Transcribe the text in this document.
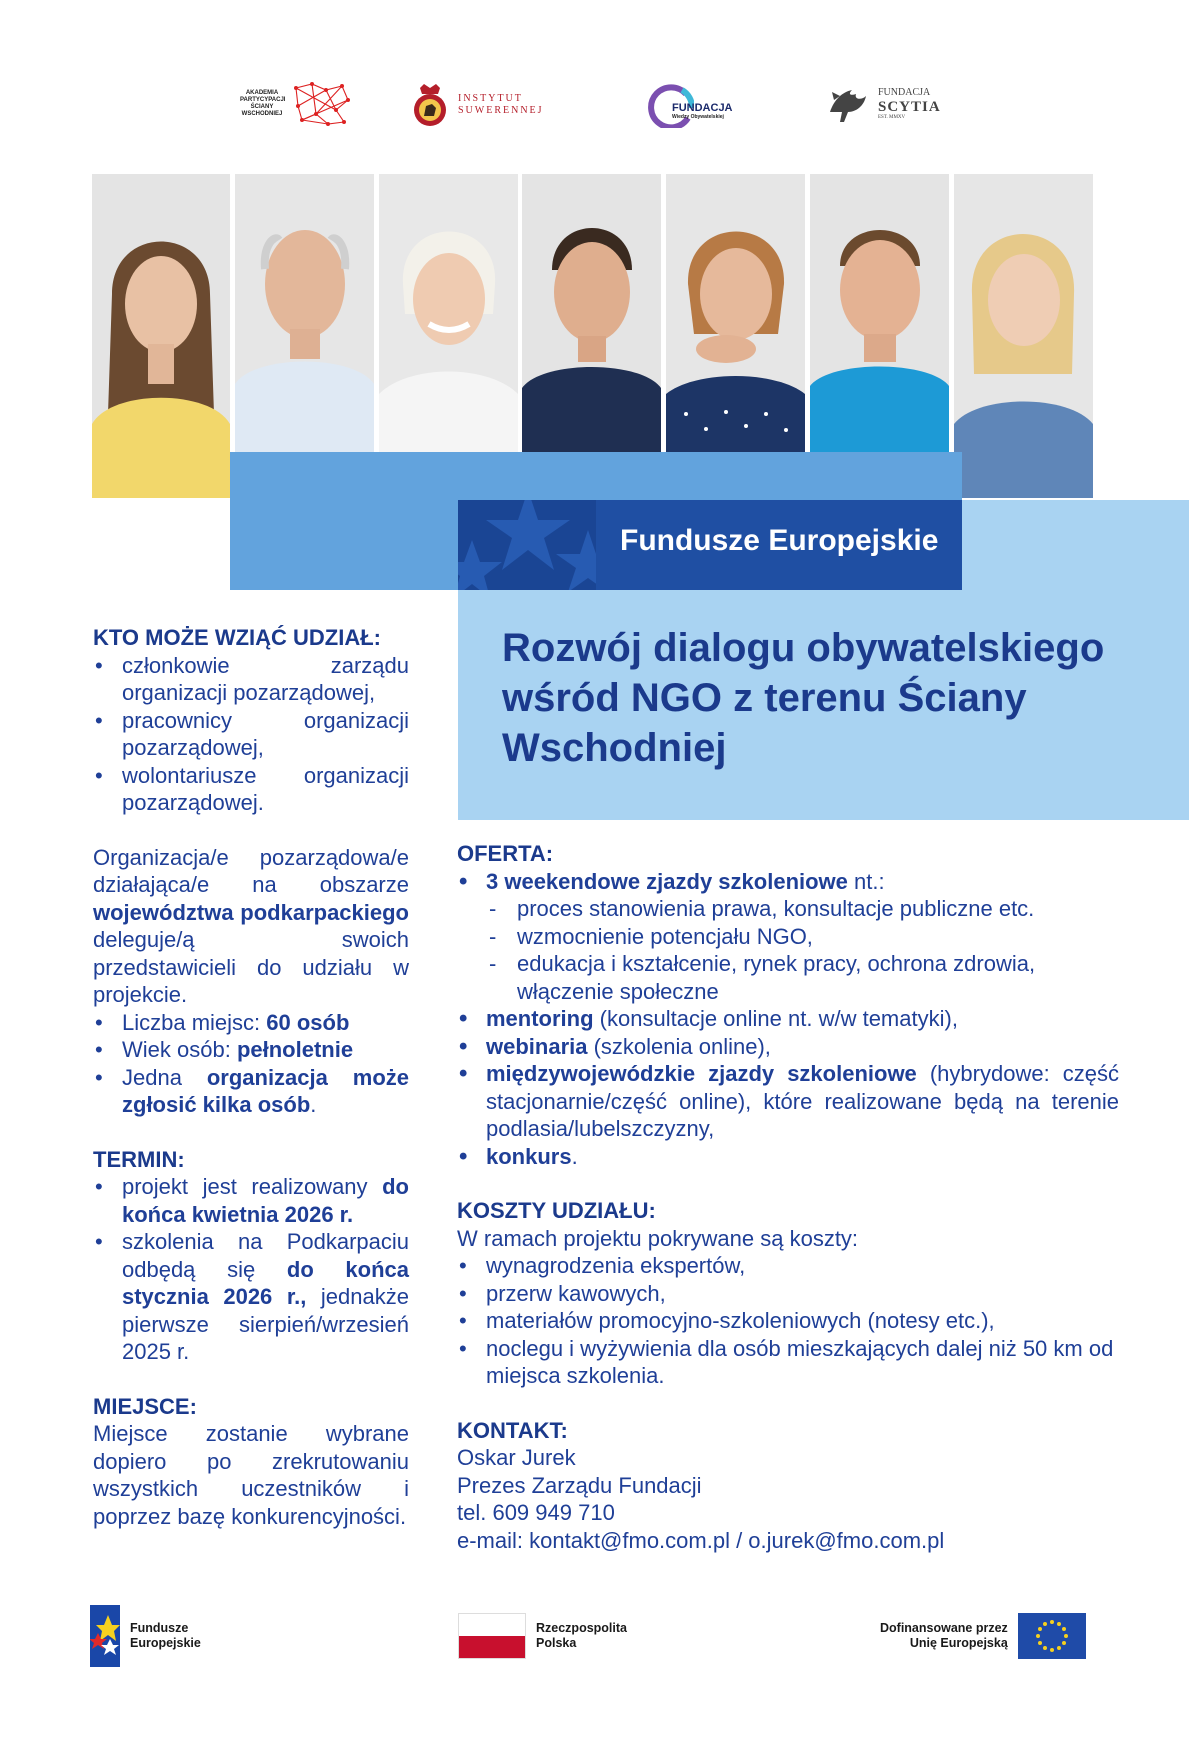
AKADEMIA PARTYCYPACJI ŚCIANY WSCHODNIEJ
INSTYTUT
SUWERENNEJ	FUNDACJA
Wiedzy Obywatelskiej
FUNDACJA
SCYTIA
EST. MMXV
Fundusze Europejskie
Rozwój dialogu obywatelskiego wśród NGO z terenu Ściany Wschodniej
KTO MOŻE WZIĄĆ UDZIAŁ:
• członkowie zarządu organizacji pozarządowej,
• pracownicy organizacji pozarządowej,
• wolontariusze organizacji pozarządowej.

Organizacja/e pozarządowa/e działająca/e na obszarze województwa podkarpackiego deleguje/ą swoich przedstawicieli do udziału w projekcie.

• Liczba miejsc: 60 osób
• Wiek osób: pełnoletnie
• Jedna organizacja może zgłosić kilka osób.
TERMIN:
• projekt jest realizowany do końca kwietnia 2026 r.
• szkolenia na Podkarpaciu odbędą się do końca stycznia 2026 r., jednakże pierwsze sierpień/wrzesień 2025 r.
MIEJSCE:

Miejsce zostanie wybrane dopiero po zrekrutowaniu wszystkich uczestników i poprzez bazę konkurencyjności.

OFERTA:
• 3 weekendowe zjazdy szkoleniowe nt.:
- proces stanowienia prawa, konsultacje publiczne etc.
- wzmocnienie potencjału NGO,
- edukacja i kształcenie, rynek pracy, ochrona zdrowia, włączenie społeczne
• mentoring (konsultacje online nt. w/w tematyki),
• webinaria (szkolenia online),
• międzywojewódzkie zjazdy szkoleniowe (hybrydowe: część stacjonarnie/część online), które realizowane będą na terenie podlasia/lubelszczyzny,
• konkurs.
KOSZTY UDZIAŁU:
W ramach projektu pokrywane są koszty:
• wynagrodzenia ekspertów,
• przerw kawowych,
• materiałów promocyjno-szkoleniowych (notesy etc.),
• noclegu i wyżywienia dla osób mieszkających dalej niż 50 km od miejsca szkolenia.
KONTAKT:
Oskar Jurek
Prezes Zarządu Fundacji
tel. 609 949 710
e-mail: kontakt@fmo.com.pl / o.jurek@fmo.com.pl
Fundusze
Europejskie
Rzeczpospolita
Polska
Dofinansowane przez
Unię Europejską
